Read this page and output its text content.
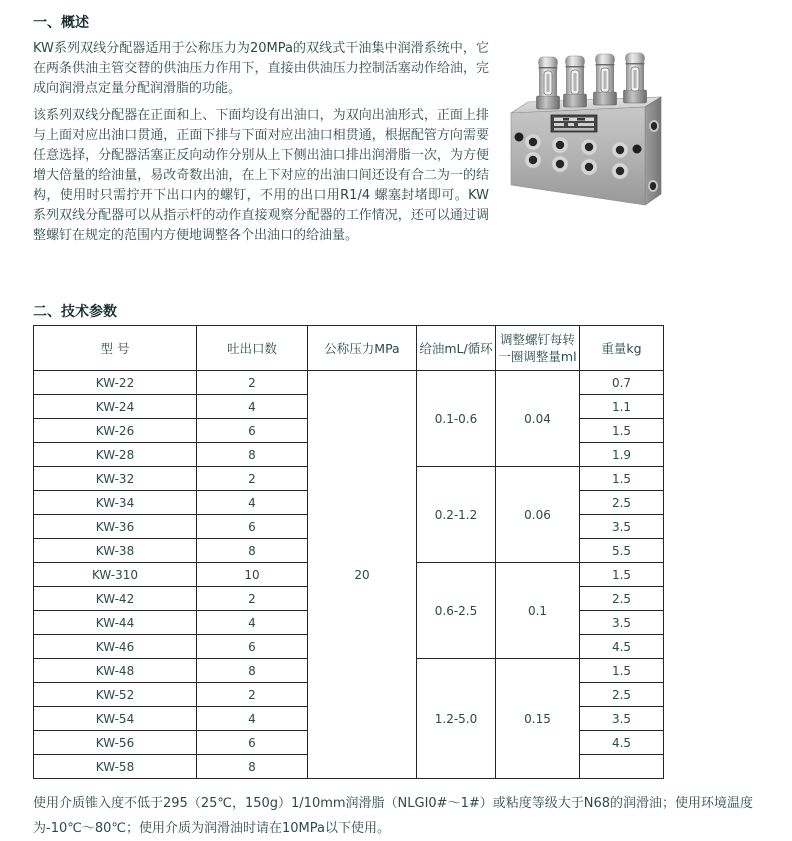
一、概述

KW系列双线分配器适用于公称压力为20MPa的双线式干油集中润滑系统中，它在两条供油主管交替的供油压力作用下，直接由供油压力控制活塞动作给油，完成向润滑点定量分配润滑脂的功能。

该系列双线分配器在正面和上、下面均设有出油口，为双向出油形式，正面上排与上面对应出油口贯通，正面下排与下面对应出油口相贯通，根据配管方向需要任意选择，分配器活塞正反向动作分别从上下侧出油口排出润滑脂一次，为方便增大倍量的给油量，易改奇数出油，在上下对应的出油口间还设有合二为一的结构，使用时只需拧开下出口内的螺钉，不用的出口用R1/4 螺塞封堵即可。KW系列双线分配器可以从指示杆的动作直接观察分配器的工作情况，还可以通过调整螺钉在规定的范围内方便地调整各个出油口的给油量。

二、技术参数
型 号	吐出口数	公称压力MPa	给油mL/循环	调整螺钉每转一圈调整量ml	重量kg
KW-22	2	20	0.1-0.6	0.04	0.7
KW-24	4				1.1
KW-26	6				1.5
KW-28	8				1.9
KW-32	2		0.2-1.2	0.06	1.5
KW-34	4				2.5
KW-36	6				3.5
KW-38	8				5.5
KW-310	10		0.6-2.5	0.1	1.5
KW-42	2				2.5
KW-44	4				3.5
KW-46	6				4.5
KW-48	8		1.2-5.0	0.15	1.5
KW-52	2				2.5
KW-54	4				3.5
KW-56	6				4.5
KW-58	8				

使用介质锥入度不低于295（25℃，150g）1/10mm润滑脂（NLGI0#～1#）或粘度等级大于N68的润滑油；使用环境温度为-10℃～80℃；使用介质为润滑油时请在10MPa以下使用。
